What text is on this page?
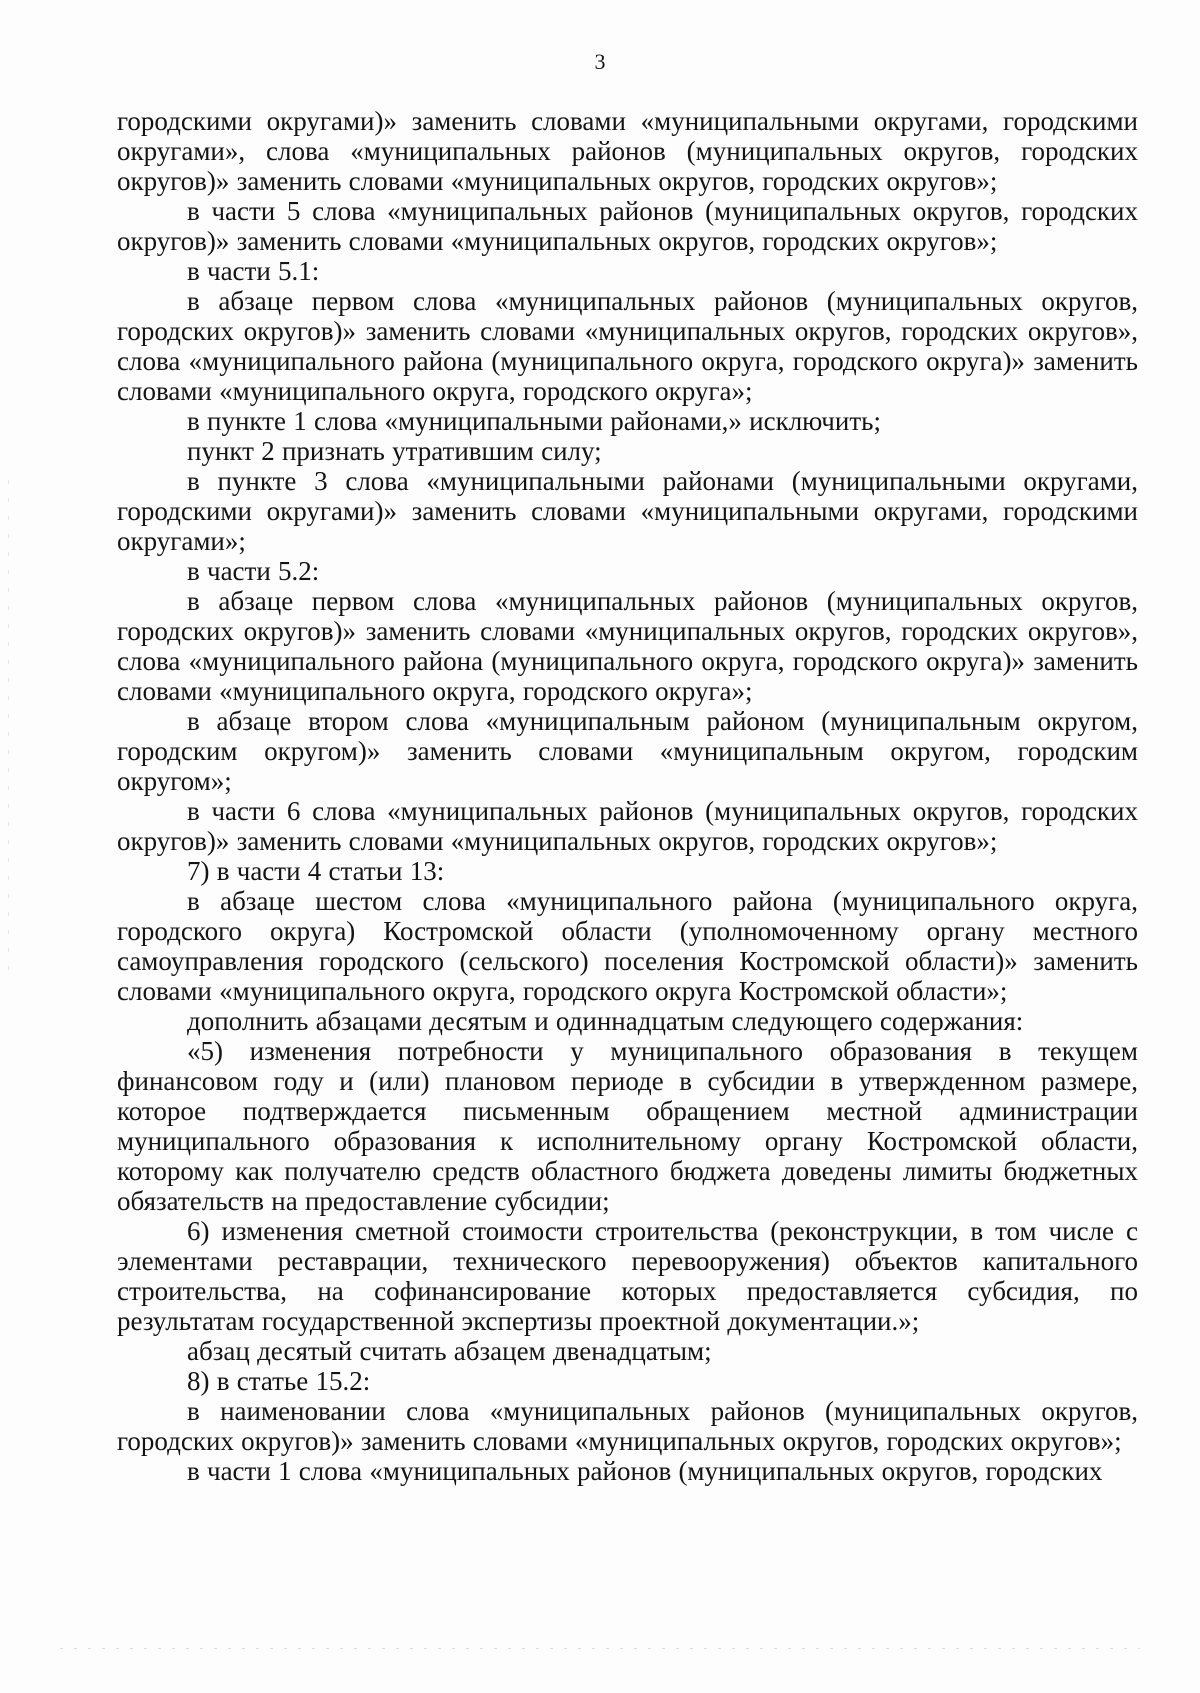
3

городскими округами)» заменить словами «муниципальными округами, городскими округами», слова «муниципальных районов (муниципальных округов, городских округов)» заменить словами «муниципальных округов, городских округов»;

в части 5 слова «муниципальных районов (муниципальных округов, городских округов)» заменить словами «муниципальных округов, городских округов»;

в части 5.1:

в абзаце первом слова «муниципальных районов (муниципальных округов, городских округов)» заменить словами «муниципальных округов, городских округов», слова «муниципального района (муниципального округа, городского округа)» заменить словами «муниципального округа, городского округа»;

в пункте 1 слова «муниципальными районами,» исключить;

пункт 2 признать утратившим силу;

в пункте 3 слова «муниципальными районами (муниципальными округами, городскими округами)» заменить словами «муниципальными округами, городскими округами»;

в части 5.2:

в абзаце первом слова «муниципальных районов (муниципальных округов, городских округов)» заменить словами «муниципальных округов, городских округов», слова «муниципального района (муниципального округа, городского округа)» заменить словами «муниципального округа, городского округа»;

в абзаце втором слова «муниципальным районом (муниципальным округом, городским округом)» заменить словами «муниципальным округом, городским округом»;

в части 6 слова «муниципальных районов (муниципальных округов, городских округов)» заменить словами «муниципальных округов, городских округов»;

7) в части 4 статьи 13:

в абзаце шестом слова «муниципального района (муниципального округа, городского округа) Костромской области (уполномоченному органу местного самоуправления городского (сельского) поселения Костромской области)» заменить словами «муниципального округа, городского округа Костромской области»;

дополнить абзацами десятым и одиннадцатым следующего содержания:

«5) изменения потребности у муниципального образования в текущем финансовом году и (или) плановом периоде в субсидии в утвержденном размере, которое подтверждается письменным обращением местной администрации муниципального образования к исполнительному органу Костромской области, которому как получателю средств областного бюджета доведены лимиты бюджетных обязательств на предоставление субсидии;

6) изменения сметной стоимости строительства (реконструкции, в том числе с элементами реставрации, технического перевооружения) объектов капитального строительства, на софинансирование которых предоставляется субсидия, по результатам государственной экспертизы проектной документации.»;

абзац десятый считать абзацем двенадцатым;

8) в статье 15.2:

в наименовании слова «муниципальных районов (муниципальных округов, городских округов)» заменить словами «муниципальных округов, городских округов»;

в части 1 слова «муниципальных районов (муниципальных округов, городских
